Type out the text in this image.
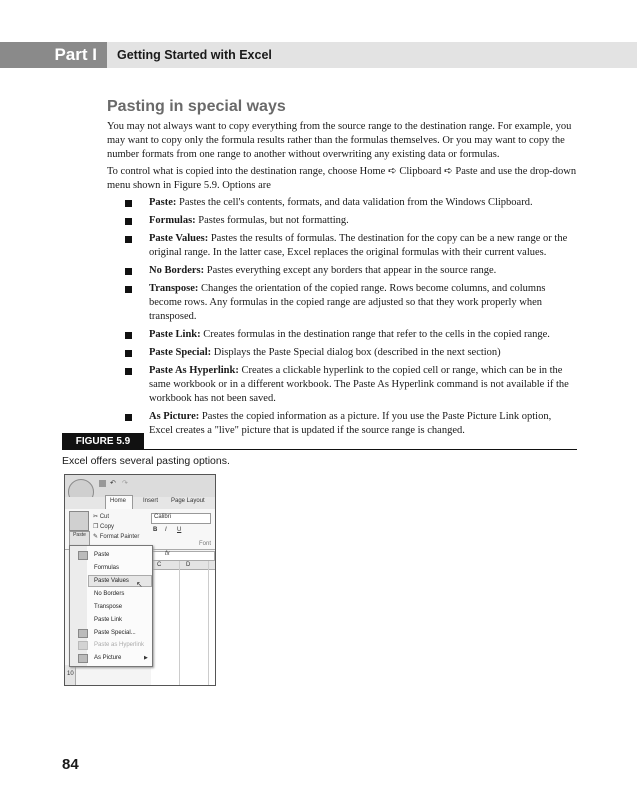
Part I	Getting Started with Excel
Pasting in special ways

You may not always want to copy everything from the source range to the destination range. For example, you may want to copy only the formula results rather than the formulas themselves. Or you may want to copy the number formats from one range to another without overwriting any existing data or formulas.

To control what is copied into the destination range, choose Home ➪ Clipboard ➪ Paste and use the drop-down menu shown in Figure 5.9. Options are

Paste: Pastes the cell's contents, formats, and data validation from the Windows Clipboard.
Formulas: Pastes formulas, but not formatting.
Paste Values: Pastes the results of formulas. The destination for the copy can be a new range or the original range. In the latter case, Excel replaces the original formulas with their current values.
No Borders: Pastes everything except any borders that appear in the source range.
Transpose: Changes the orientation of the copied range. Rows become columns, and columns become rows. Any formulas in the copied range are adjusted so that they work properly when transposed.
Paste Link: Creates formulas in the destination range that refer to the cells in the copied range.
Paste Special: Displays the Paste Special dialog box (described in the next section)
Paste As Hyperlink: Creates a clickable hyperlink to the copied cell or range, which can be in the same workbook or in a different workbook. The Paste As Hyperlink command is not available if the workbook has not been saved.
As Picture: Pastes the copied information as a picture. If you use the Paste Picture Link option, Excel creates a "live" picture that is updated if the source range is changed.
FIGURE 5.9

Excel offers several pasting options.

↶ ↷
Home	Insert Page Layout
Paste
✂ Cut
❐ Copy
✎ Format Painter
Calibri
B I U
Font
fx
C	D
10
Paste
Formulas
Paste Values ↖
No Borders
Transpose
Paste Link
Paste Special...
Paste as Hyperlink
As Picture	▶
84
